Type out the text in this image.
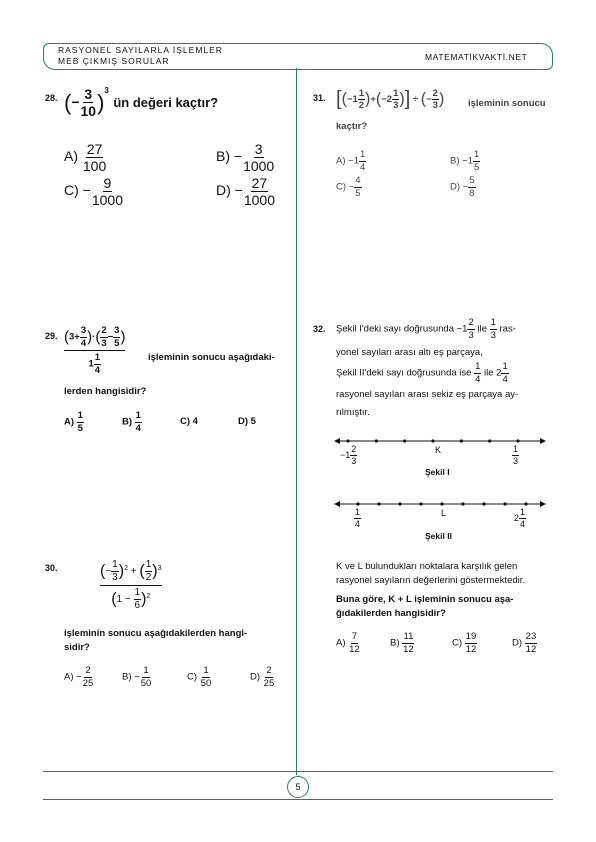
RASYONEL SAYILARLA İŞLEMLER
MEB ÇIKMIŞ SORULAR	MATEMATİKVAKTİ.NET
5
28. (− $\frac{3}{10} )^3$ ün değeri kaçtır?
$A) \frac{27}{100}$	$B) - \frac{3}{1000}$
$C) - \frac{9}{1000}$	$D) - \frac{27}{1000}$
29. $\frac{(3+ \frac{3}{4} )\cdot( \frac{2}{3} - \frac{3}{5} )}{1 \frac{1}{4}}$ işleminin sonucu aşağıdaki-
lerden hangisidir?
$A) \frac{1}{5}$	$B) \frac{1}{4}$	C) 4	D) 5
30.	$\frac{(- \frac{1}{3} )^2 + ( \frac{1}{2} )^3}{(1 - \frac{1}{6} )^2}$
işleminin sonucu aşağıdakilerden hangi-
sidir?
$A) - \frac{2}{25}$	$B) - \frac{1}{50}$	$C) \frac{1}{50}$	$D) \frac{2}{25}$
31. [$(-1 \frac{1}{2} )+(-2 \frac{1}{3}$ )] ÷ (− $\frac{2}{3}$ ) işleminin sonucu
kaçtır?
$A) -1 \frac{1}{4}$	$B) -1 \frac{1}{5}$
$C) - \frac{4}{5}$	$D) - \frac{5}{8}$
32. Şekil I'deki sayı doğrusunda $-1 \frac{2}{3}$ ile $\frac{1}{3} ras-$
yonel sayıları arası altı eş parçaya,
Şekil II'deki sayı doğrusunda ise $\frac{1}{4}$ ile $2 \frac{1}{4}$
rasyonel sayıları arası sekiz eş parçaya ay-
rılmıştır.
$-1 \frac{2}{3}$	K	$\frac{1}{3}$
Şekil I
$\frac{1}{4}$	L	$2 \frac{1}{4}$
Şekil II
K ve L bulundukları noktalara karşılık gelen
rasyonel sayıların değerlerini göstermektedir.
Buna göre, K + L işleminin sonucu aşa-
ğıdakilerden hangisidir?
$A) \frac{7}{12}$	$B) \frac{11}{12}$	$C) \frac{19}{12}$	$D) \frac{23}{12}$
